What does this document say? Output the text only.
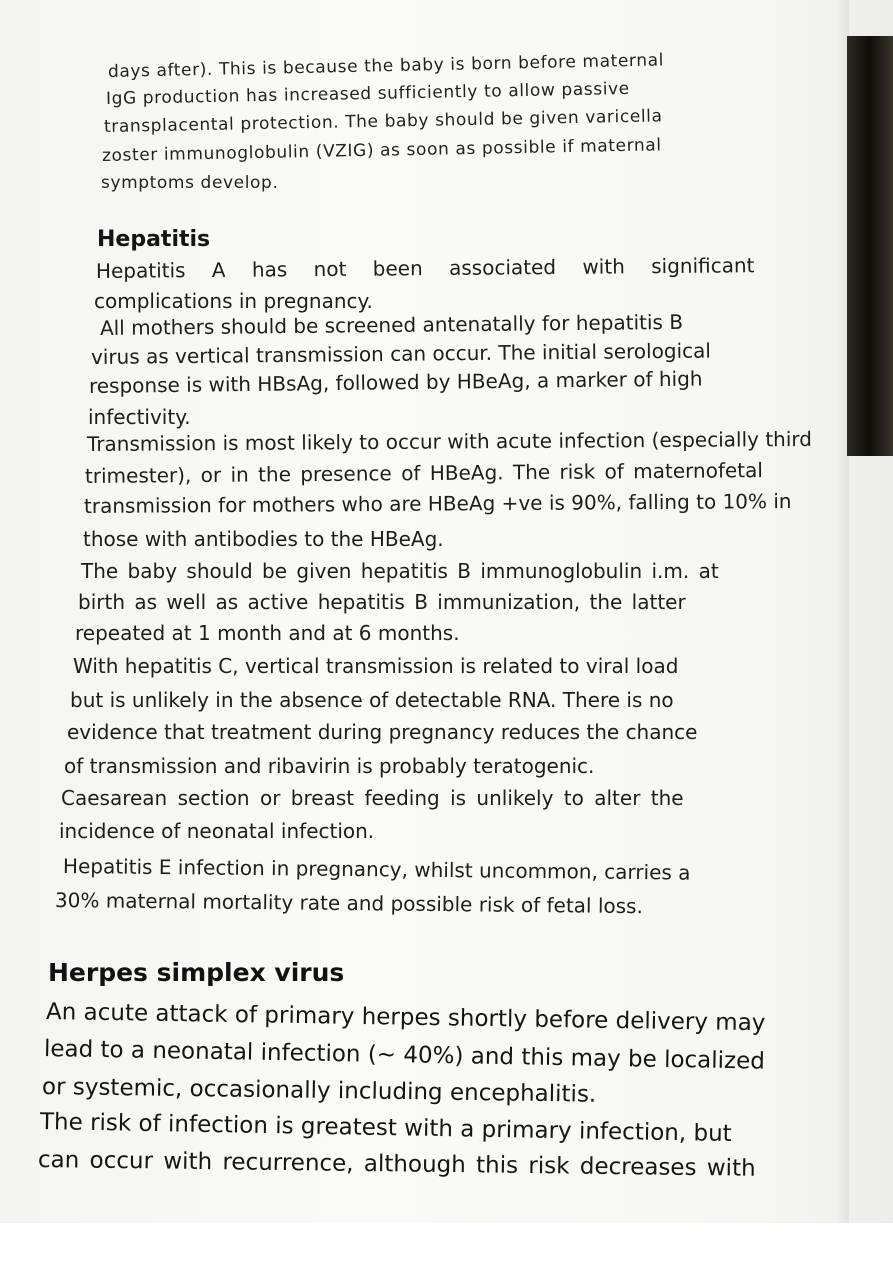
days after). This is because the baby is born before maternal
IgG production has increased sufficiently to allow passive
transplacental protection. The baby should be given varicella
zoster immunoglobulin (VZIG) as soon as possible if maternal
symptoms develop.
Hepatitis
Hepatitis A has not been associated with significant
complications in pregnancy.
All mothers should be screened antenatally for hepatitis B
virus as vertical transmission can occur. The initial serological
response is with HBsAg, followed by HBeAg, a marker of high
infectivity.
Transmission is most likely to occur with acute infection (especially third
trimester), or in the presence of HBeAg. The risk of maternofetal
transmission for mothers who are HBeAg +ve is 90%, falling to 10% in
those with antibodies to the HBeAg.
The baby should be given hepatitis B immunoglobulin i.m. at
birth as well as active hepatitis B immunization, the latter
repeated at 1 month and at 6 months.
With hepatitis C, vertical transmission is related to viral load
but is unlikely in the absence of detectable RNA. There is no
evidence that treatment during pregnancy reduces the chance
of transmission and ribavirin is probably teratogenic.
Caesarean section or breast feeding is unlikely to alter the
incidence of neonatal infection.
Hepatitis E infection in pregnancy, whilst uncommon, carries a
30% maternal mortality rate and possible risk of fetal loss.
Herpes simplex virus
An acute attack of primary herpes shortly before delivery may
lead to a neonatal infection (~ 40%) and this may be localized
or systemic, occasionally including encephalitis.
The risk of infection is greatest with a primary infection, but
can occur with recurrence, although this risk decreases with
